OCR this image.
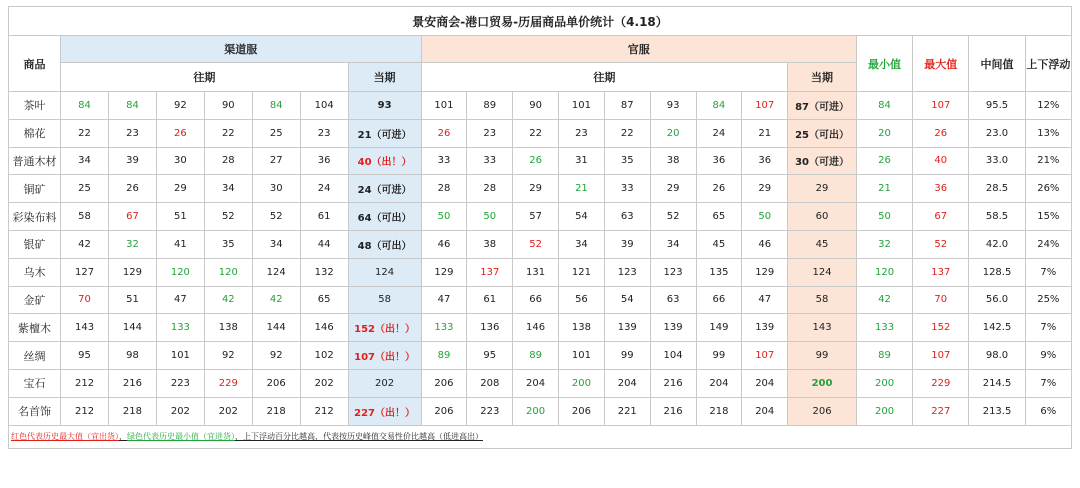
景安商会-港口贸易-历届商品单价统计（4.18）																				
商品	渠道服							官服									最小值	最大值	中间值	上下浮动
	往期						当期	往期								当期				
茶叶	84	84	92	90	84	104	93	101	89	90	101	87	93	84	107	87（可进）	84	107	95.5	12%
棉花	22	23	26	22	25	23	21（可进）	26	23	22	23	22	20	24	21	25（可出）	20	26	23.0	13%
普通木材	34	39	30	28	27	36	40（出！）	33	33	26	31	35	38	36	36	30（可进）	26	40	33.0	21%
铜矿	25	26	29	34	30	24	24（可进）	28	28	29	21	33	29	26	29	29	21	36	28.5	26%
彩染布料	58	67	51	52	52	61	64（可出）	50	50	57	54	63	52	65	50	60	50	67	58.5	15%
银矿	42	32	41	35	34	44	48（可出）	46	38	52	34	39	34	45	46	45	32	52	42.0	24%
乌木	127	129	120	120	124	132	124	129	137	131	121	123	123	135	129	124	120	137	128.5	7%
金矿	70	51	47	42	42	65	58	47	61	66	56	54	63	66	47	58	42	70	56.0	25%
紫檀木	143	144	133	138	144	146	152（出！）	133	136	146	138	139	139	149	139	143	133	152	142.5	7%
丝绸	95	98	101	92	92	102	107（出！）	89	95	89	101	99	104	99	107	99	89	107	98.0	9%
宝石	212	216	223	229	206	202	202	206	208	204	200	204	216	204	204	200	200	229	214.5	7%
名首饰	212	218	202	202	218	212	227（出！）	206	223	200	206	221	216	218	204	206	200	227	213.5	6%
红色代表历史最大值（宜出货），绿色代表历史最小值（宜进货），上下浮动百分比越高，代表按历史峰值交易性价比越高（低进高出）																				
